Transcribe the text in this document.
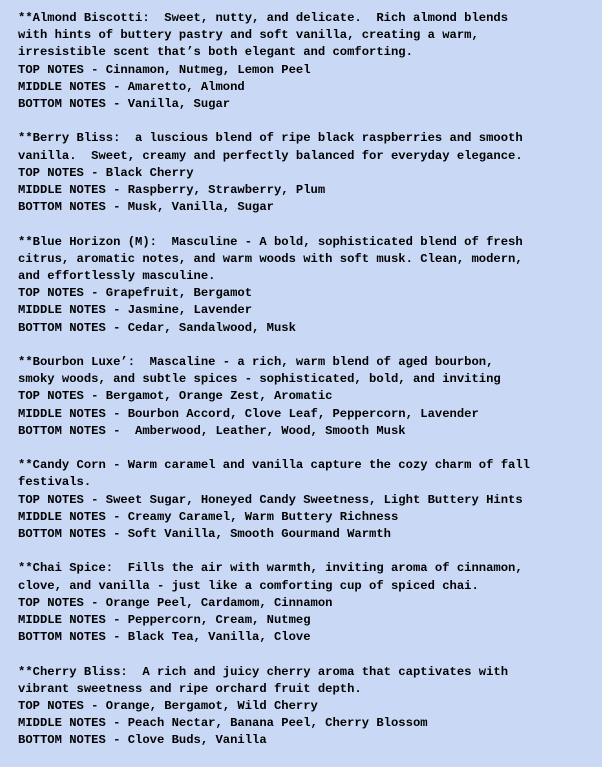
**Almond Biscotti:  Sweet, nutty, and delicate.  Rich almond blends
with hints of buttery pastry and soft vanilla, creating a warm,
irresistible scent that’s both elegant and comforting.
TOP NOTES - Cinnamon, Nutmeg, Lemon Peel
MIDDLE NOTES - Amaretto, Almond
BOTTOM NOTES - Vanilla, Sugar
**Berry Bliss:  a luscious blend of ripe black raspberries and smooth
vanilla.  Sweet, creamy and perfectly balanced for everyday elegance.
TOP NOTES - Black Cherry
MIDDLE NOTES - Raspberry, Strawberry, Plum
BOTTOM NOTES - Musk, Vanilla, Sugar
**Blue Horizon (M):  Masculine - A bold, sophisticated blend of fresh
citrus, aromatic notes, and warm woods with soft musk. Clean, modern,
and effortlessly masculine.
TOP NOTES - Grapefruit, Bergamot
MIDDLE NOTES - Jasmine, Lavender
BOTTOM NOTES - Cedar, Sandalwood, Musk
**Bourbon Luxe’:  Mascaline - a rich, warm blend of aged bourbon,
smoky woods, and subtle spices - sophisticated, bold, and inviting
TOP NOTES - Bergamot, Orange Zest, Aromatic
MIDDLE NOTES - Bourbon Accord, Clove Leaf, Peppercorn, Lavender
BOTTOM NOTES -  Amberwood, Leather, Wood, Smooth Musk
**Candy Corn - Warm caramel and vanilla capture the cozy charm of fall
festivals.
TOP NOTES - Sweet Sugar, Honeyed Candy Sweetness, Light Buttery Hints
MIDDLE NOTES - Creamy Caramel, Warm Buttery Richness
BOTTOM NOTES - Soft Vanilla, Smooth Gourmand Warmth
**Chai Spice:  Fills the air with warmth, inviting aroma of cinnamon,
clove, and vanilla - just like a comforting cup of spiced chai.
TOP NOTES - Orange Peel, Cardamom, Cinnamon
MIDDLE NOTES - Peppercorn, Cream, Nutmeg
BOTTOM NOTES - Black Tea, Vanilla, Clove
**Cherry Bliss:  A rich and juicy cherry aroma that captivates with
vibrant sweetness and ripe orchard fruit depth.
TOP NOTES - Orange, Bergamot, Wild Cherry
MIDDLE NOTES - Peach Nectar, Banana Peel, Cherry Blossom
BOTTOM NOTES - Clove Buds, Vanilla
